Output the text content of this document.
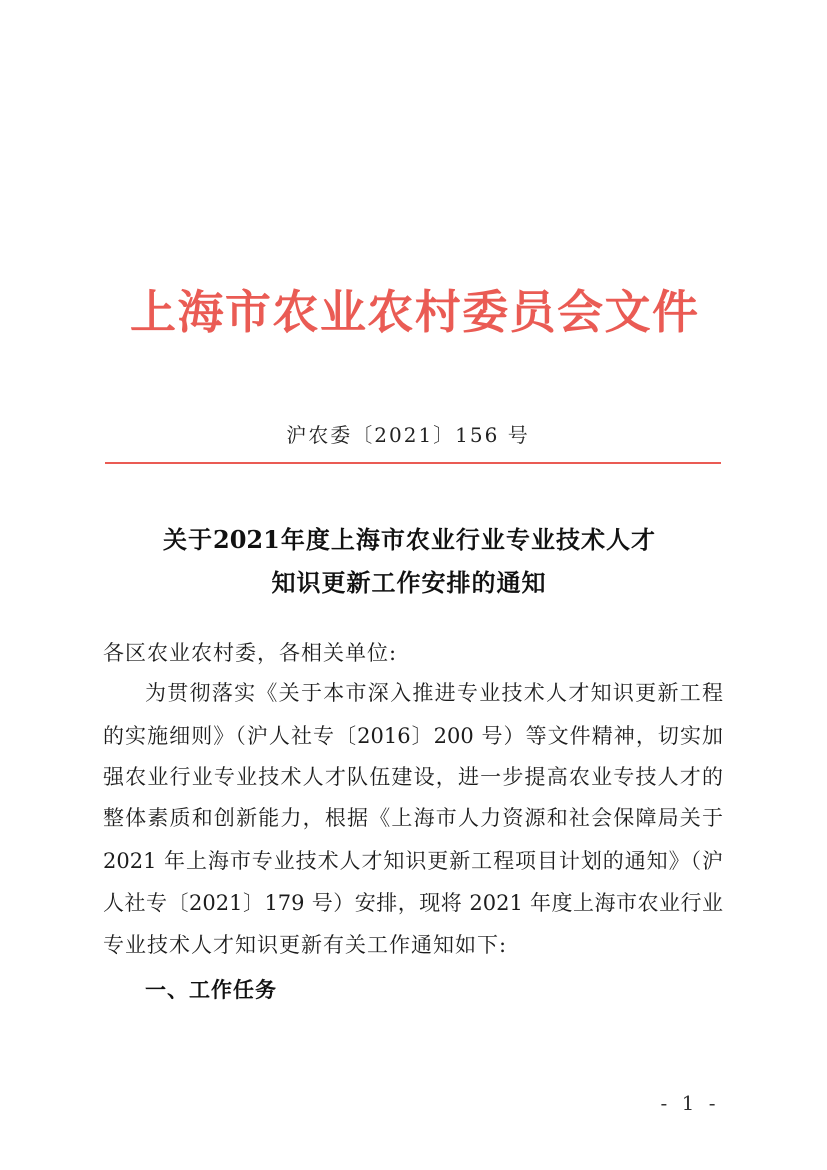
上海市农业农村委员会文件
沪农委〔2021〕156 号
关于2021年度上海市农业行业专业技术人才
知识更新工作安排的通知
各区农业农村委，各相关单位:
为贯彻落实《关于本市深入推进专业技术人才知识更新工程
的实施细则》（沪人社专〔2016〕200 号）等文件精神，切实加
强农业行业专业技术人才队伍建设，进一步提高农业专技人才的
整体素质和创新能力，根据《上海市人力资源和社会保障局关于
2021 年上海市专业技术人才知识更新工程项目计划的通知》（沪
人社专〔2021〕179 号）安排，现将 2021 年度上海市农业行业
专业技术人才知识更新有关工作通知如下:
一、工作任务
- 1 -
